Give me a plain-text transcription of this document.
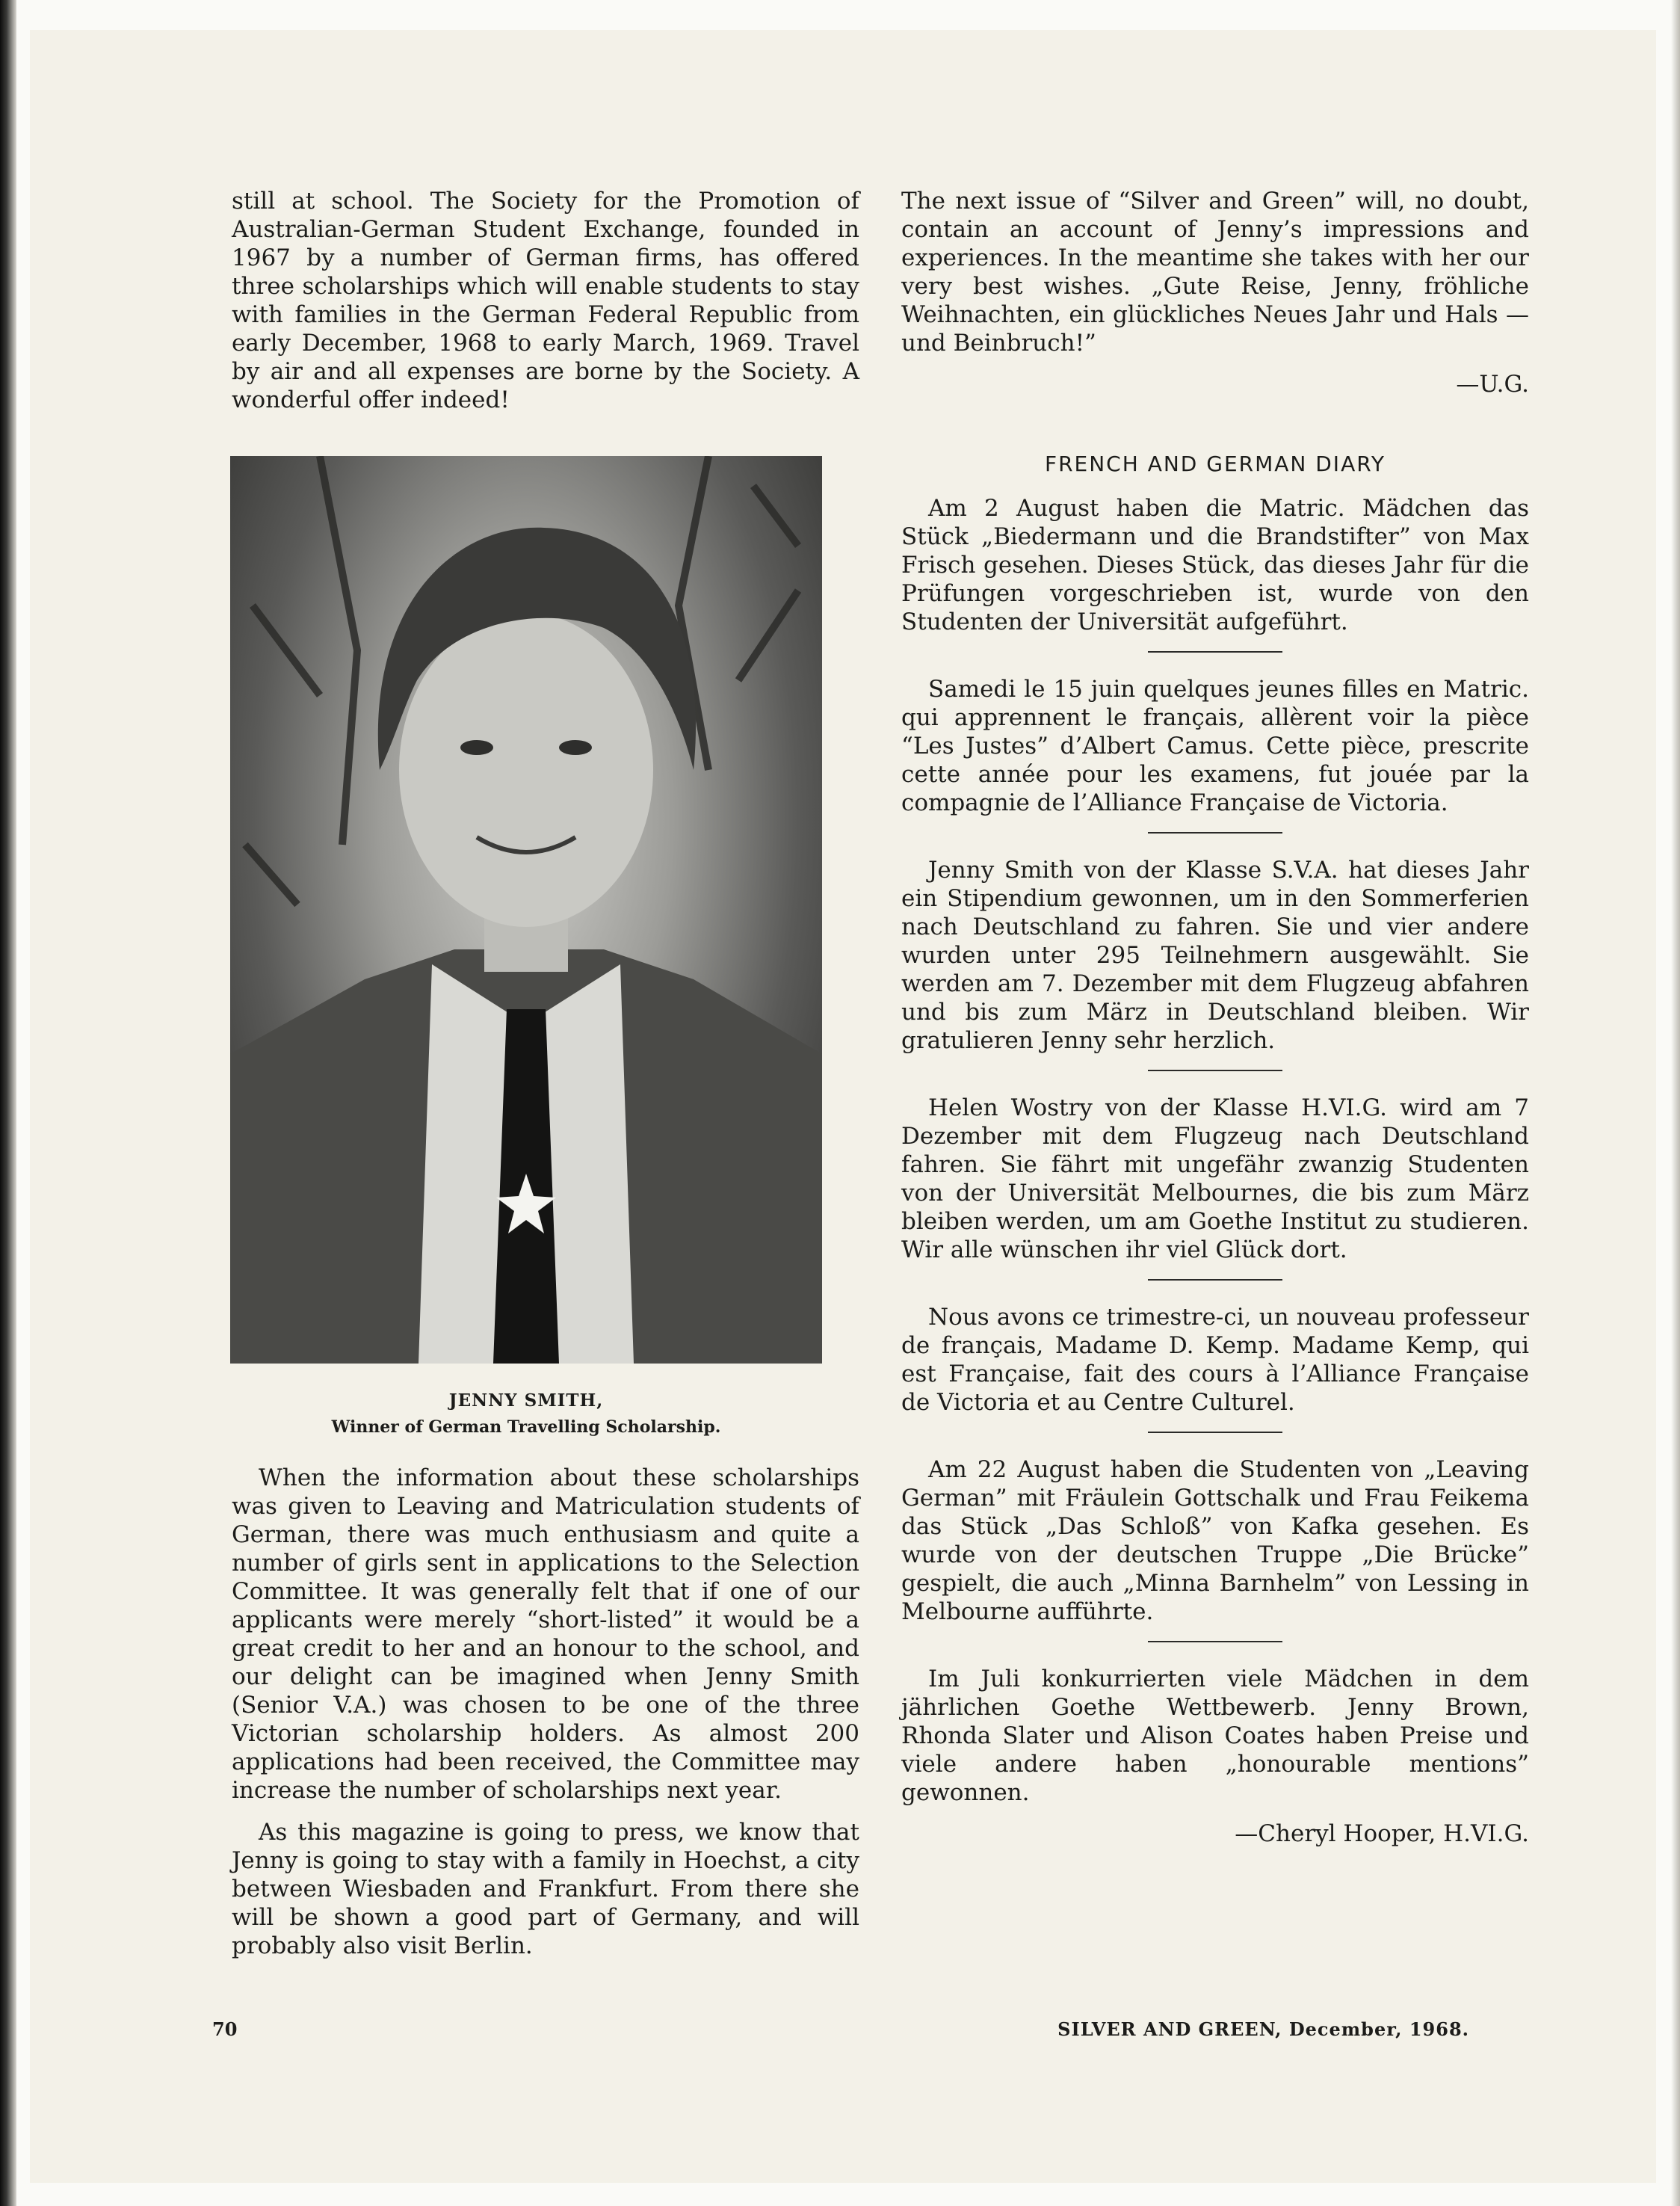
still at school. The Society for the Promotion of Australian-German Student Exchange, founded in 1967 by a number of German firms, has offered three scholarships which will enable students to stay with families in the German Federal Republic from early December, 1968 to early March, 1969. Travel by air and all expenses are borne by the Society. A wonderful offer indeed!

JENNY SMITH,
Winner of German Travelling Scholarship.

When the information about these scholarships was given to Leaving and Matriculation students of German, there was much enthusiasm and quite a number of girls sent in applications to the Selection Committee. It was generally felt that if one of our applicants were merely “short-listed” it would be a great credit to her and an honour to the school, and our delight can be imagined when Jenny Smith (Senior V.A.) was chosen to be one of the three Victorian scholarship holders. As almost 200 applications had been received, the Committee may increase the number of scholarships next year.

As this magazine is going to press, we know that Jenny is going to stay with a family in Hoechst, a city between Wiesbaden and Frankfurt. From there she will be shown a good part of Germany, and will probably also visit Berlin.

The next issue of “Silver and Green” will, no doubt, contain an account of Jenny’s impressions and experiences. In the meantime she takes with her our very best wishes. „Gute Reise, Jenny, fröhliche Weihnachten, ein glückliches Neues Jahr und Hals — und Beinbruch!”

—U.G.

FRENCH AND GERMAN DIARY

Am 2 August haben die Matric. Mädchen das Stück „Biedermann und die Brandstifter” von Max Frisch gesehen. Dieses Stück, das dieses Jahr für die Prüfungen vorgeschrieben ist, wurde von den Studenten der Universität aufgeführt.

Samedi le 15 juin quelques jeunes filles en Matric. qui apprennent le français, allèrent voir la pièce “Les Justes” d’Albert Camus. Cette pièce, prescrite cette année pour les examens, fut jouée par la compagnie de l’Alliance Française de Victoria.

Jenny Smith von der Klasse S.V.A. hat dieses Jahr ein Stipendium gewonnen, um in den Sommerferien nach Deutschland zu fahren. Sie und vier andere wurden unter 295 Teilnehmern ausgewählt. Sie werden am 7. Dezember mit dem Flugzeug abfahren und bis zum März in Deutschland bleiben. Wir gratulieren Jenny sehr herzlich.

Helen Wostry von der Klasse H.VI.G. wird am 7 Dezember mit dem Flugzeug nach Deutschland fahren. Sie fährt mit ungefähr zwanzig Studenten von der Universität Melbournes, die bis zum März bleiben werden, um am Goethe Institut zu studieren. Wir alle wünschen ihr viel Glück dort.

Nous avons ce trimestre-ci, un nouveau professeur de français, Madame D. Kemp. Madame Kemp, qui est Française, fait des cours à l’Alliance Française de Victoria et au Centre Culturel.

Am 22 August haben die Studenten von „Leaving German” mit Fräulein Gottschalk und Frau Feikema das Stück „Das Schloß” von Kafka gesehen. Es wurde von der deutschen Truppe „Die Brücke” gespielt, die auch „Minna Barnhelm” von Lessing in Melbourne aufführte.

Im Juli konkurrierten viele Mädchen in dem jährlichen Goethe Wettbewerb. Jenny Brown, Rhonda Slater und Alison Coates haben Preise und viele andere haben „honourable mentions” gewonnen.

—Cheryl Hooper, H.VI.G.

70	SILVER AND GREEN, December, 1968.
